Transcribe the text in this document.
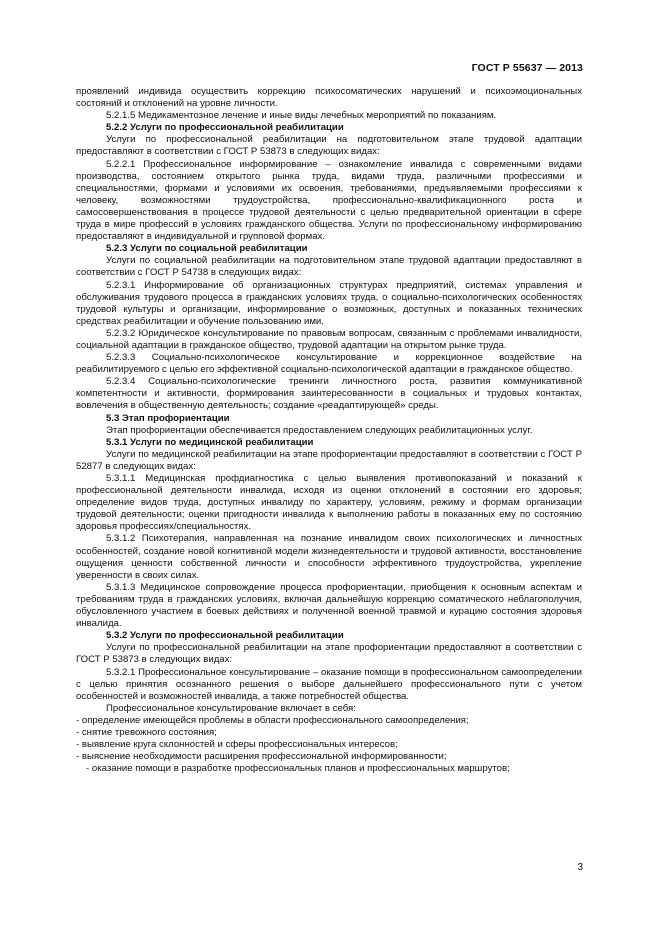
ГОСТ Р 55637 — 2013

проявлений индивида осуществить коррекцию психосоматических нарушений и психоэмоциональных состояний и отклонений на уровне личности.

5.2.1.5 Медикаментозное лечение и иные виды лечебных мероприятий по показаниям.

5.2.2 Услуги по профессиональной реабилитации

Услуги по профессиональной реабилитации на подготовительном этапе трудовой адаптации предоставляют в соответствии с ГОСТ Р 53873 в следующих видах:

5.2.2.1 Профессиональное информирование – ознакомление инвалида с современными видами производства, состоянием открытого рынка труда, видами труда, различными профессиями и специальностями, формами и условиями их освоения, требованиями, предъявляемыми профессиями к человеку, возможностями трудоустройства, профессионально-квалификационного роста и самосовершенствования в процессе трудовой деятельности с целью предварительной ориентации в сфере труда в мире профессий в условиях гражданского общества. Услуги по профессиональному информированию предоставляют в индивидуальной и групповой формах.

5.2.3 Услуги по социальной реабилитации

Услуги по социальной реабилитации на подготовительном этапе трудовой адаптации предоставляют в соответствии с ГОСТ Р 54738 в следующих видах:

5.2.3.1 Информирование об организационных структурах предприятий, системах управления и обслуживания трудового процесса в гражданских условиях труда, о социально-психологических особенностях трудовой культуры и организации, информирование о возможных, доступных и показанных технических средствах реабилитации и обучение пользованию ими.

5.2.3.2 Юридическое консультирование по правовым вопросам, связанным с проблемами инвалидности, социальной адаптации в гражданское общество, трудовой адаптации на открытом рынке труда.

5.2.3.3 Социально-психологическое консультирование и коррекционное воздействие на реабилитируемого с целью его эффективной социально-психологической адаптации в гражданское общество.

5.2.3.4 Социально-психологические тренинги личностного роста, развития коммуникативной компетентности и активности, формирования заинтересованности в социальных и трудовых контактах, вовлечения в общественную деятельность; создание «реадаптирующей» среды.

5.3 Этап профориентации

Этап профориентации обеспечивается предоставлением следующих реабилитационных услуг.

5.3.1 Услуги по медицинской реабилитации

Услуги по медицинской реабилитации на этапе профориентации предоставляют в соответствии с ГОСТ Р 52877 в следующих видах:

5.3.1.1 Медицинская профдиагностика с целью выявления противопоказаний и показаний к профессиональной деятельности инвалида, исходя из оценки отклонений в состоянии его здоровья; определение видов труда, доступных инвалиду по характеру, условиям, режиму и формам организации трудовой деятельности; оценки пригодности инвалида к выполнению работы в показанных ему по состоянию здоровья профессиях/специальностях.

5.3.1.2 Психотерапия, направленная на познание инвалидом своих психологических и личностных особенностей, создание новой когнитивной модели жизнедеятельности и трудовой активности, восстановление ощущения ценности собственной личности и способности эффективного трудоустройства, укрепление уверенности в своих силах.

5.3.1.3 Медицинское сопровождение процесса профориентации, приобщения к основным аспектам и требованиям труда в гражданских условиях, включая дальнейшую коррекцию соматического неблагополучия, обусловленного участием в боевых действиях и полученной военной травмой и курацию состояния здоровья инвалида.

5.3.2 Услуги по профессиональной реабилитации

Услуги по профессиональной реабилитации на этапе профориентации предоставляют в соответствии с ГОСТ Р 53873 в следующих видах:

5.3.2.1 Профессиональное консультирование – оказание помощи в профессиональном самоопределении с целью принятия осознанного решения о выборе дальнейшего профессионального пути с учетом особенностей и возможностей инвалида, а также потребностей общества.

Профессиональное консультирование включает в себя:

- определение имеющейся проблемы в области профессионального самоопределения;

- снятие тревожного состояния;

- выявление круга склонностей и сферы профессиональных интересов;

- выяснение необходимости расширения профессиональной информированности;

- оказание помощи в разработке профессиональных планов и профессиональных маршрутов;

3
